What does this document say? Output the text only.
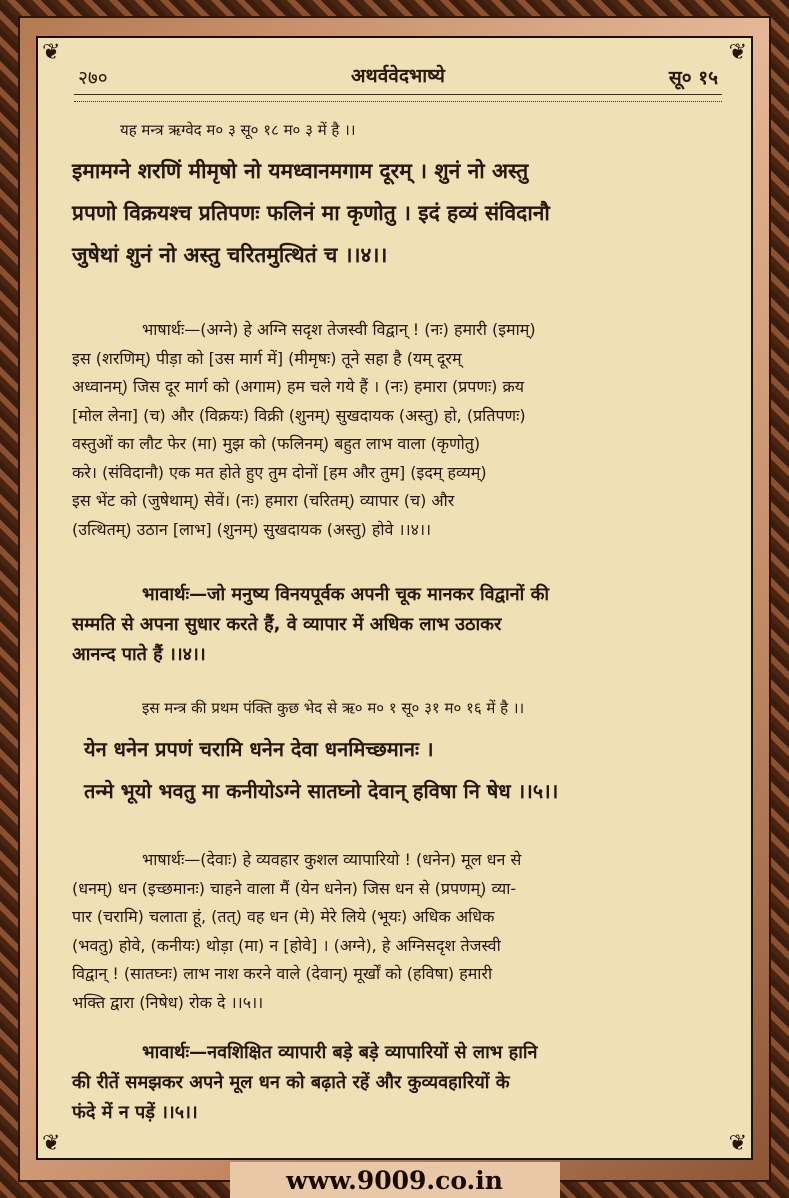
❦	❦
❦	❦
२७०	अथर्ववेदभाष्ये	सू० १५
यह मन्त्र ऋग्वेद म० ३ सू० १८ म० ३ में है ।।
इमामग्ने शरणिं मीमृषो नो यमध्वानमगाम दूरम् । शुनं नो अस्तु
प्रपणो विक्रयश्च प्रतिपणः फलिनं मा कृणोतु । इदं हव्यं संविदानौ
जुषेथां शुनं नो अस्तु चरितमुत्थितं च ।।४।।
भाषार्थः—(अग्ने) हे अग्नि सदृश तेजस्वी विद्वान् ! (नः) हमारी (इमाम्)
इस (शरणिम्) पीड़ा को [उस मार्ग में] (मीमृषः) तूने सहा है (यम् दूरम्
अध्वानम्) जिस दूर मार्ग को (अगाम) हम चले गये हैं । (नः) हमारा (प्रपणः) क्रय
[मोल लेना] (च) और (विक्रयः) विक्री (शुनम्) सुखदायक (अस्तु) हो, (प्रतिपणः)
वस्तुओं का लौट फेर (मा) मुझ को (फलिनम्) बहुत लाभ वाला (कृणोतु)
करे। (संविदानौ) एक मत होते हुए तुम दोनों [हम और तुम] (इदम् हव्यम्)
इस भेंट को (जुषेथाम्) सेवें। (नः) हमारा (चरितम्) व्यापार (च) और
(उत्थितम्) उठान [लाभ] (शुनम्) सुखदायक (अस्तु) होवे ।।४।।
भावार्थः—जो मनुष्य विनयपूर्वक अपनी चूक मानकर विद्वानों की
सम्मति से अपना सुधार करते हैं, वे व्यापार में अधिक लाभ उठाकर
आनन्द पाते हैं ।।४।।
इस मन्त्र की प्रथम पंक्ति कुछ भेद से ऋ० म० १ सू० ३१ म० १६ में है ।।
येन धनेन प्रपणं चरामि धनेन देवा धनमिच्छमानः ।
तन्मे भूयो भवतु मा कनीयोऽग्ने सातघ्नो देवान् हविषा नि षेध ।।५।।
भाषार्थः—(देवाः) हे व्यवहार कुशल व्यापारियो ! (धनेन) मूल धन से
(धनम्) धन (इच्छमानः) चाहने वाला मैं (येन धनेन) जिस धन से (प्रपणम्) व्या-
पार (चरामि) चलाता हूं, (तत्) वह धन (मे) मेरे लिये (भूयः) अधिक अधिक
(भवतु) होवे, (कनीयः) थोड़ा (मा) न [होवे] । (अग्ने), हे अग्निसदृश तेजस्वी
विद्वान् ! (सातघ्नः) लाभ नाश करने वाले (देवान्) मूर्खों को (हविषा) हमारी
भक्ति द्वारा (निषेध) रोक दे ।।५।।
भावार्थः—नवशिक्षित व्यापारी बड़े बड़े व्यापारियों से लाभ हानि
की रीतें समझकर अपने मूल धन को बढ़ाते रहें और कुव्यवहारियों के
फंदे में न पड़ें ।।५।।
www.9009.co.in
